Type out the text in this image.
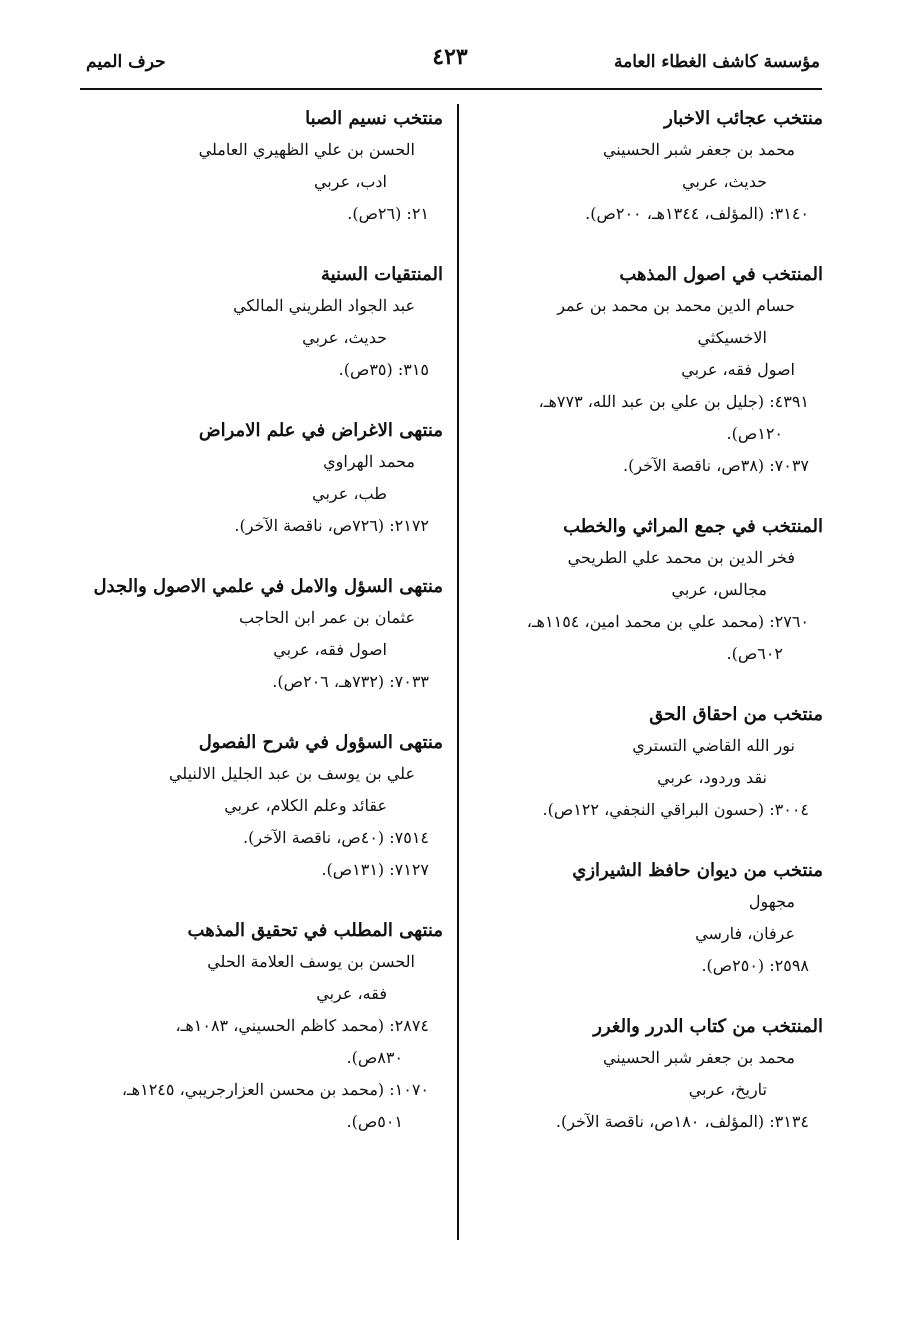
مؤسسة كاشف الغطاء العامة
٤٢٣
حرف الميم
منتخب عجائب الاخبار
محمد بن جعفر شبر الحسيني
حديث، عربي
٣١٤٠: (المؤلف، ١٣٤٤هـ، ٢٠٠ص).
المنتخب في اصول المذهب
حسام الدين محمد بن محمد بن عمر
الاخسيكثي
اصول فقه، عربي
٤٣٩١: (جليل بن علي بن عبد الله، ٧٧٣هـ،
١٢٠ص).
٧٠٣٧: (٣٨ص، ناقصة الآخر).
المنتخب في جمع المراثي والخطب
فخر الدين بن محمد علي الطريحي
مجالس، عربي
٢٧٦٠: (محمد علي بن محمد امين، ١١٥٤هـ،
٦٠٢ص).
منتخب من احقاق الحق
نور الله القاضي التستري
نقد وردود، عربي
٣٠٠٤: (حسون البراقي النجفي، ١٢٢ص).
منتخب من ديوان حافظ الشيرازي
مجهول
عرفان، فارسي
٢٥٩٨: (٢٥٠ص).
المنتخب من كتاب الدرر والغرر
محمد بن جعفر شبر الحسيني
تاريخ، عربي
٣١٣٤: (المؤلف، ١٨٠ص، ناقصة الآخر).
منتخب نسيم الصبا
الحسن بن علي الظهيري العاملي
ادب، عربي
٢١: (٢٦ص).
المنتقيات السنية
عبد الجواد الطريني المالكي
حديث، عربي
٣١٥: (٣٥ص).
منتهى الاغراض في علم الامراض
محمد الهراوي
طب، عربي
٢١٧٢: (٧٢٦ص، ناقصة الآخر).
منتهى السؤل والامل في علمي الاصول والجدل
عثمان بن عمر ابن الحاجب
اصول فقه، عربي
٧٠٣٣: (٧٣٢هـ، ٢٠٦ص).
منتهى السؤول في شرح الفصول
علي بن يوسف بن عبد الجليل الالنيلي
عقائد وعلم الكلام، عربي
٧٥١٤: (٤٠ص، ناقصة الآخر).
٧١٢٧: (١٣١ص).
منتهى المطلب في تحقيق المذهب
الحسن بن يوسف العلامة الحلي
فقه، عربي
٢٨٧٤: (محمد كاظم الحسيني، ١٠٨٣هـ،
٨٣٠ص).
١٠٧٠: (محمد بن محسن العزارجريبي، ١٢٤٥هـ،
٥٠١ص).
